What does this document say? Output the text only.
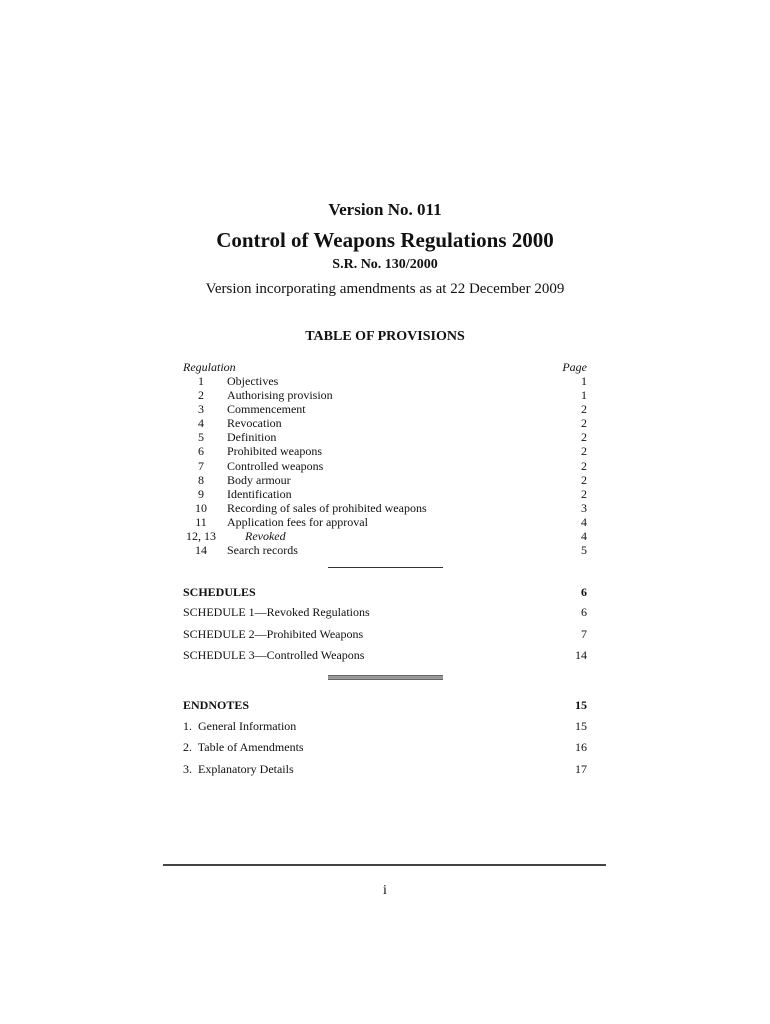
Version No. 011
Control of Weapons Regulations 2000
S.R. No. 130/2000
Version incorporating amendments as at 22 December 2009
TABLE OF PROVISIONS
Regulation	Page
1	Objectives	1
2	Authorising provision	1
3	Commencement	2
4	Revocation	2
5	Definition	2
6	Prohibited weapons	2
7	Controlled weapons	2
8	Body armour	2
9	Identification	2
10	Recording of sales of prohibited weapons	3
11	Application fees for approval	4
12, 13 Revoked	4
14	Search records	5
SCHEDULES	6
SCHEDULE 1—Revoked Regulations	6
SCHEDULE 2—Prohibited Weapons	7
SCHEDULE 3—Controlled Weapons	14
ENDNOTES	15
1.  General Information	15
2.  Table of Amendments	16
3.  Explanatory Details	17
i
